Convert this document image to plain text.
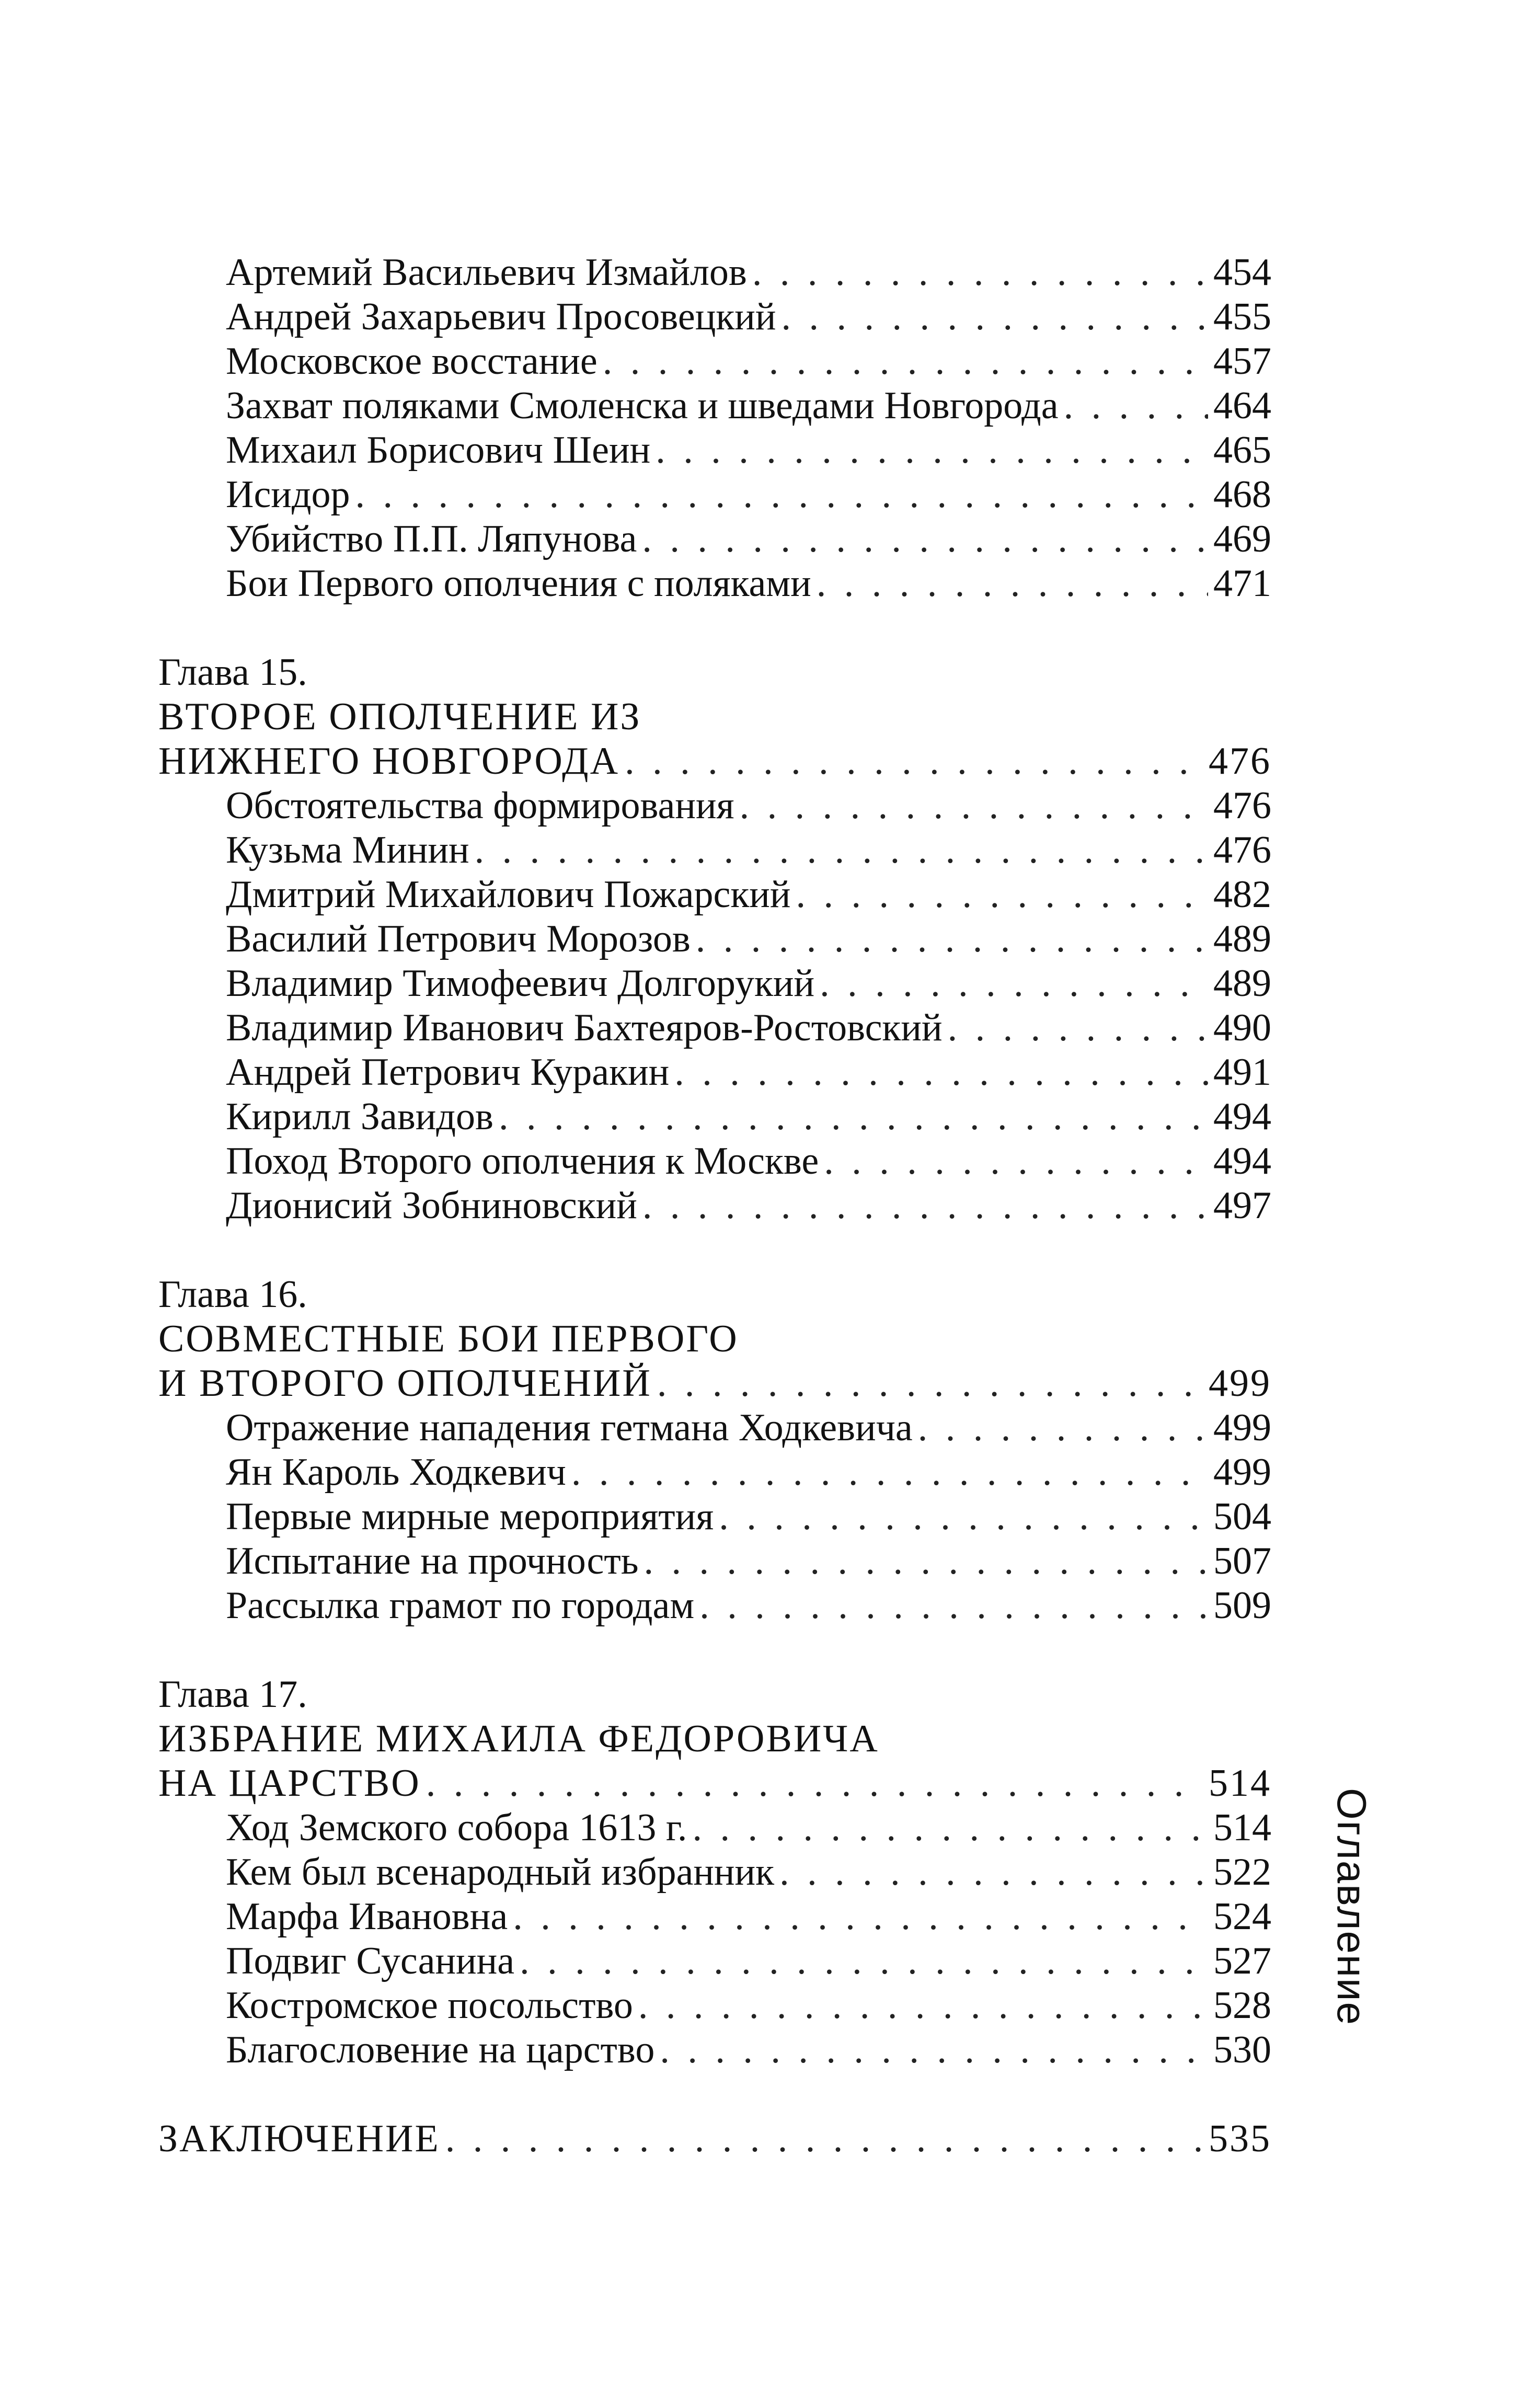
Артемий Васильевич Измайлов . . .	454
Андрей Захарьевич Просовецкий . . .	455
Московское восстание . . .	457
Захват поляками Смоленска и шведами Новгорода . . .	464
Михаил Борисович Шеин . . .	465
Исидор . . .	468
Убийство П.П. Ляпунова . . .	469
Бои Первого ополчения с поляками . . .	471
Глава 15.
ВТОРОЕ ОПОЛЧЕНИЕ ИЗ
НИЖНЕГО НОВГОРОДА . . .	476
Обстоятельства формирования . . .	476
Кузьма Минин . . .	476
Дмитрий Михайлович Пожарский . . .	482
Василий Петрович Морозов . . .	489
Владимир Тимофеевич Долгорукий . . .	489
Владимир Иванович Бахтеяров-Ростовский . . .	490
Андрей Петрович Куракин . . .	491
Кирилл Завидов . . .	494
Поход Второго ополчения к Москве . . .	494
Дионисий Зобниновский . . .	497
Глава 16.
СОВМЕСТНЫЕ БОИ ПЕРВОГО
И ВТОРОГО ОПОЛЧЕНИЙ . . .	499
Отражение нападения гетмана Ходкевича . . .	499
Ян Кароль Ходкевич . . .	499
Первые мирные мероприятия . . .	504
Испытание на прочность . . .	507
Рассылка грамот по городам . . .	509
Глава 17.
ИЗБРАНИЕ МИХАИЛА ФЕДОРОВИЧА
НА ЦАРСТВО . . .	514
Ход Земского собора 1613 г. . . .	514
Кем был всенародный избранник . . .	522
Марфа Ивановна . . .	524
Подвиг Сусанина . . .	527
Костромское посольство . . .	528
Благословение на царство . . .	530
ЗАКЛЮЧЕНИЕ . . .	535
Оглавление
